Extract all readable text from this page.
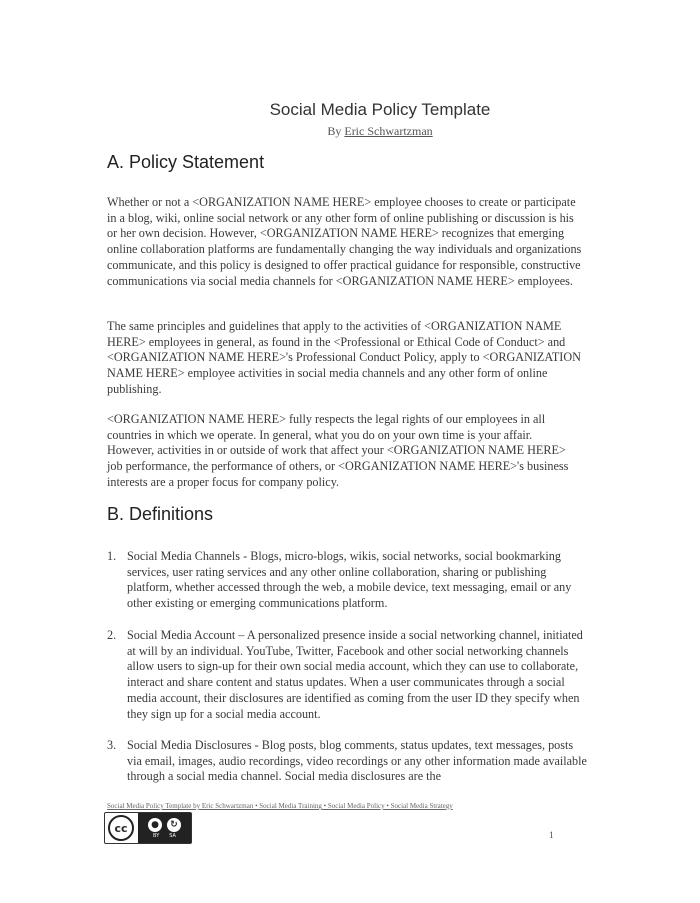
Social Media Policy Template
By Eric Schwartzman
A. Policy Statement
Whether or not a <ORGANIZATION NAME HERE> employee chooses to create or participate in a blog, wiki, online social network or any other form of online publishing or discussion is his or her own decision. However, <ORGANIZATION NAME HERE> recognizes that emerging online collaboration platforms are fundamentally changing the way individuals and organizations communicate, and this policy is designed to offer practical guidance for responsible, constructive communications via social media channels for <ORGANIZATION NAME HERE> employees.
The same principles and guidelines that apply to the activities of <ORGANIZATION NAME HERE> employees in general, as found in the <Professional or Ethical Code of Conduct> and <ORGANIZATION NAME HERE>'s Professional Conduct Policy, apply to <ORGANIZATION NAME HERE> employee activities in social media channels and any other form of online publishing.
<ORGANIZATION NAME HERE> fully respects the legal rights of our employees in all countries in which we operate. In general, what you do on your own time is your affair. However, activities in or outside of work that affect your <ORGANIZATION NAME HERE> job performance, the performance of others, or <ORGANIZATION NAME HERE>'s business interests are a proper focus for company policy.
B. Definitions
1. Social Media Channels - Blogs, micro-blogs, wikis, social networks, social bookmarking services, user rating services and any other online collaboration, sharing or publishing platform, whether accessed through the web, a mobile device, text messaging, email or any other existing or emerging communications platform.
2. Social Media Account – A personalized presence inside a social networking channel, initiated at will by an individual. YouTube, Twitter, Facebook and other social networking channels allow users to sign-up for their own social media account, which they can use to collaborate, interact and share content and status updates. When a user communicates through a social media account, their disclosures are identified as coming from the user ID they specify when they sign up for a social media account.
3. Social Media Disclosures - Blog posts, blog comments, status updates, text messages, posts via email, images, audio recordings, video recordings or any other information made available through a social media channel. Social media disclosures are the
Social Media Policy Template by Eric Schwartzman • Social Media Training • Social Media Policy • Social Media Strategy
cc	●	↻
BY SA	1
